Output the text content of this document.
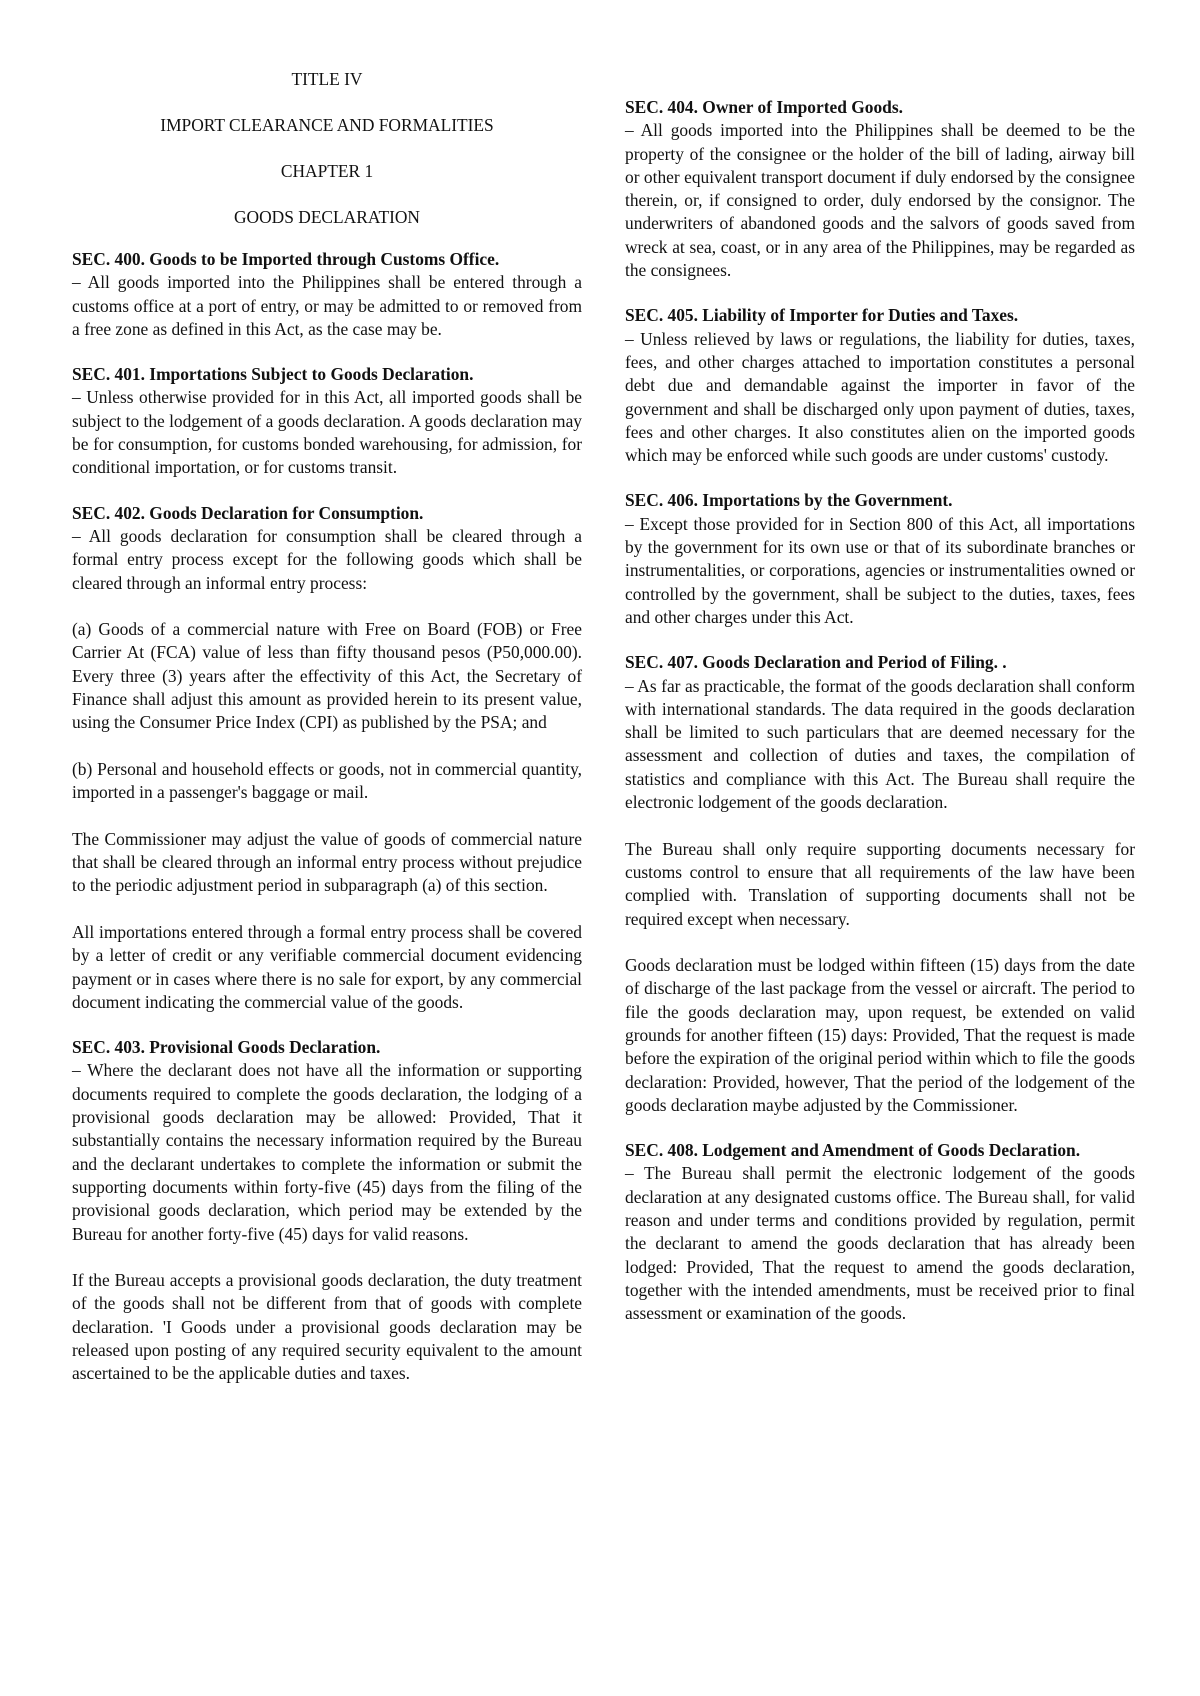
TITLE IV

IMPORT CLEARANCE AND FORMALITIES

CHAPTER 1

GOODS DECLARATION

SEC. 400. Goods to be Imported through Customs Office.

– All goods imported into the Philippines shall be entered through a customs office at a port of entry, or may be admitted to or removed from a free zone as defined in this Act, as the case may be.

SEC. 401. Importations Subject to Goods Declaration.

– Unless otherwise provided for in this Act, all imported goods shall be subject to the lodgement of a goods declaration. A goods declaration may be for consumption, for customs bonded warehousing, for admission, for conditional importation, or for customs transit.

SEC. 402. Goods Declaration for Consumption.

– All goods declaration for consumption shall be cleared through a formal entry process except for the following goods which shall be cleared through an informal entry process:

(a) Goods of a commercial nature with Free on Board (FOB) or Free Carrier At (FCA) value of less than fifty thousand pesos (P50,000.00). Every three (3) years after the effectivity of this Act, the Secretary of Finance shall adjust this amount as provided herein to its present value, using the Consumer Price Index (CPI) as published by the PSA; and

(b) Personal and household effects or goods, not in commercial quantity, imported in a passenger's baggage or mail.

The Commissioner may adjust the value of goods of commercial nature that shall be cleared through an informal entry process without prejudice to the periodic adjustment period in subparagraph (a) of this section.

All importations entered through a formal entry process shall be covered by a letter of credit or any verifiable commercial document evidencing payment or in cases where there is no sale for export, by any commercial document indicating the commercial value of the goods.

SEC. 403. Provisional Goods Declaration.

– Where the declarant does not have all the information or supporting documents required to complete the goods declaration, the lodging of a provisional goods declaration may be allowed: Provided, That it substantially contains the necessary information required by the Bureau and the declarant undertakes to complete the information or submit the supporting documents within forty-five (45) days from the filing of the provisional goods declaration, which period may be extended by the Bureau for another forty-five (45) days for valid reasons.

If the Bureau accepts a provisional goods declaration, the duty treatment of the goods shall not be different from that of goods with complete declaration. 'I Goods under a provisional goods declaration may be released upon posting of any required security equivalent to the amount ascertained to be the applicable duties and taxes.

SEC. 404. Owner of Imported Goods.

– All goods imported into the Philippines shall be deemed to be the property of the consignee or the holder of the bill of lading, airway bill or other equivalent transport document if duly endorsed by the consignee therein, or, if consigned to order, duly endorsed by the consignor. The underwriters of abandoned goods and the salvors of goods saved from wreck at sea, coast, or in any area of the Philippines, may be regarded as the consignees.

SEC. 405. Liability of Importer for Duties and Taxes.

– Unless relieved by laws or regulations, the liability for duties, taxes, fees, and other charges attached to importation constitutes a personal debt due and demandable against the importer in favor of the government and shall be discharged only upon payment of duties, taxes, fees and other charges. It also constitutes alien on the imported goods which may be enforced while such goods are under customs' custody.

SEC. 406. Importations by the Government.

– Except those provided for in Section 800 of this Act, all importations by the government for its own use or that of its subordinate branches or instrumentalities, or corporations, agencies or instrumentalities owned or controlled by the government, shall be subject to the duties, taxes, fees and other charges under this Act.

SEC. 407. Goods Declaration and Period of Filing. .

– As far as practicable, the format of the goods declaration shall conform with international standards. The data required in the goods declaration shall be limited to such particulars that are deemed necessary for the assessment and collection of duties and taxes, the compilation of statistics and compliance with this Act. The Bureau shall require the electronic lodgement of the goods declaration.

The Bureau shall only require supporting documents necessary for customs control to ensure that all requirements of the law have been complied with. Translation of supporting documents shall not be required except when necessary.

Goods declaration must be lodged within fifteen (15) days from the date of discharge of the last package from the vessel or aircraft. The period to file the goods declaration may, upon request, be extended on valid grounds for another fifteen (15) days: Provided, That the request is made before the expiration of the original period within which to file the goods declaration: Provided, however, That the period of the lodgement of the goods declaration maybe adjusted by the Commissioner.

SEC. 408. Lodgement and Amendment of Goods Declaration.

– The Bureau shall permit the electronic lodgement of the goods declaration at any designated customs office. The Bureau shall, for valid reason and under terms and conditions provided by regulation, permit the declarant to amend the goods declaration that has already been lodged: Provided, That the request to amend the goods declaration, together with the intended amendments, must be received prior to final assessment or examination of the goods.
